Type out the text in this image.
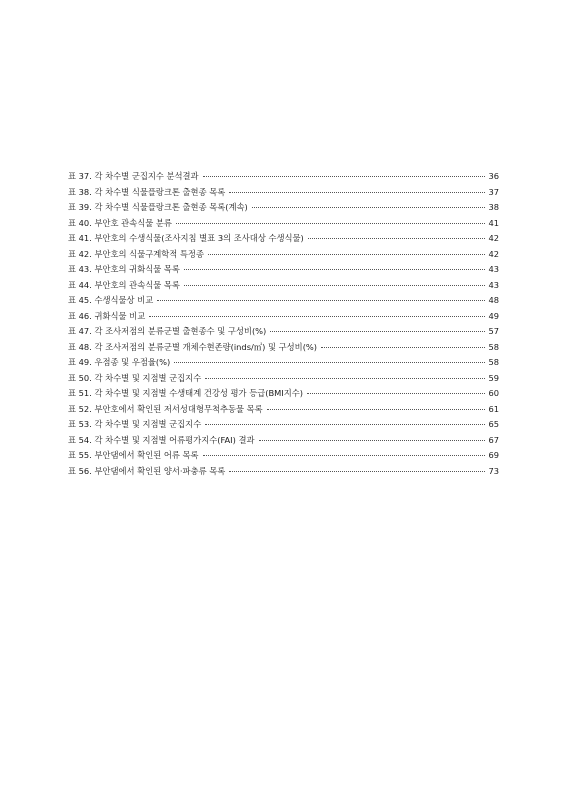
표 37. 각 차수별 군집지수 분석결과	36
표 38. 각 차수별 식물플랑크톤 출현종 목록	37
표 39. 각 차수별 식물플랑크톤 출현종 목록(계속)	38
표 40. 부안호 관속식물 분류	41
표 41. 부안호의 수생식물(조사지침 별표 3의 조사대상 수생식물)	42
표 42. 부안호의 식물구계학적 특정종	42
표 43. 부안호의 귀화식물 목록	43
표 44. 부안호의 관속식물 목록	43
표 45. 수생식물상 비교	48
표 46. 귀화식물 비교	49
표 47. 각 조사저점의 분류군별 출현종수 및 구성비(%)	57
표 48. 각 조사저점의 분류군별 개체수현존량(inds/㎡) 및 구성비(%)	58
표 49. 우점종 및 우점율(%)	58
표 50. 각 차수별 및 지점별 군집지수	59
표 51. 각 차수별 및 지점별 수생태계 건강성 평가 등급(BMI지수)	60
표 52. 부안호에서 확인된 저서성대형무척추동물 목록	61
표 53. 각 차수별 및 지점별 군집지수	65
표 54. 각 차수별 및 지점별 어류평가지수(FAI) 결과	67
표 55. 부안댐에서 확인된 어류 목록	69
표 56. 부안댐에서 확인된 양서·파충류 목록	73
